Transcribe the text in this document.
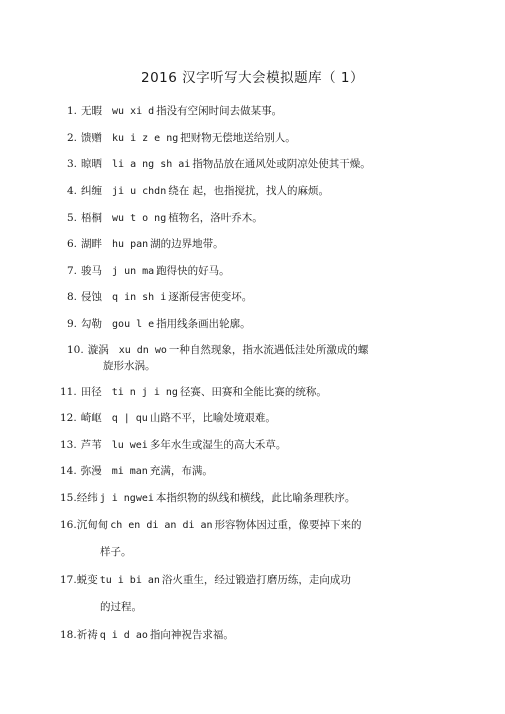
2016 汉字听写大会模拟题库（ 1）
1. 无暇 wu xi d 指没有空闲时间去做某事。
2. 馈赠 ku i z e ng 把财物无偿地送给别人。
3. 晾晒 li a ng sh ai 指物品放在通风处或阴凉处使其干燥。
4. 纠缠 ji u chdn 绕在 起，也指搅扰，找人的麻烦。
5. 梧桐 wu t o ng 植物名，洛叶乔木。
6. 湖畔 hu pan 湖的边界地带。
7. 骏马 j un ma 跑得快的好马。
8. 侵蚀 q in sh i 逐渐侵害使变坏。
9. 勾勒 gou l e 指用线条画出轮廓。
10. 漩涡 xu dn wo 一种自然现象，指水流遇低洼处所激成的螺
旋形水涡。
11. 田径 ti n j i ng 径赛、田赛和全能比赛的统称。
12. 崎岖 q | qu 山路不平，比喻处境艰难。
13. 芦苇 lu wei 多年水生或湿生的高大禾草。
14. 弥漫 mi man 充满，布满。
15.经纬 j i ngwei 本指织物的纵线和横线，此比喻条理秩序。
16.沉甸甸 ch en di an di an 形容物体因过重，像要掉下来的
样子。
17.蜕变 tu i bi an 浴火重生，经过锻造打磨历练，走向成功
的过程。
18.祈祷 q i d ao 指向神祝告求福。
